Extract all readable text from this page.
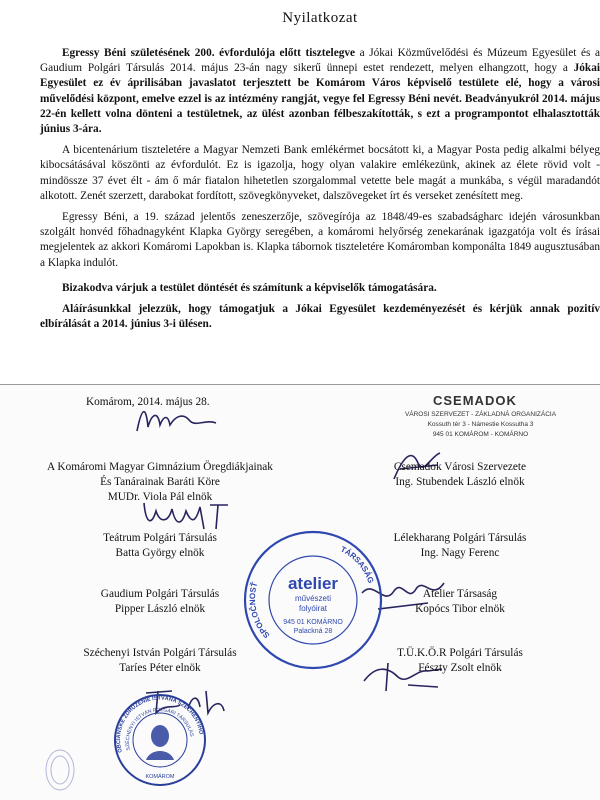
Nyilatkozat

Egressy Béni születésének 200. évfordulója előtt tisztelegve a Jókai Közművelődési és Múzeum Egyesület és a Gaudium Polgári Társulás 2014. május 23-án nagy sikerű ünnepi estet rendezett, melyen elhangzott, hogy a Jókai Egyesület ez év áprilisában javaslatot terjesztett be Komárom Város képviselő testülete elé, hogy a városi művelődési központ, emelve ezzel is az intézmény rangját, vegye fel Egressy Béni nevét. Beadványukról 2014. május 22-én kellett volna dönteni a testületnek, az ülést azonban félbeszakították, s ezt a programpontot elhalasztották június 3-ára.

A bicentenárium tiszteletére a Magyar Nemzeti Bank emlékérmet bocsátott ki, a Magyar Posta pedig alkalmi bélyeg kibocsátásával köszönti az évfordulót. Ez is igazolja, hogy olyan valakire emlékezünk, akinek az élete rövid volt - mindössze 37 évet élt - ám ő már fiatalon hihetetlen szorgalommal vetette bele magát a munkába, s végül maradandót alkotott. Zenét szerzett, darabokat fordított, szövegkönyveket, dalszövegeket írt és verseket zenésített meg.

Egressy Béni, a 19. század jelentős zeneszerzője, szövegírója az 1848/49-es szabadságharc idején városunkban szolgált honvéd főhadnagyként Klapka György seregében, a komáromi helyőrség zenekarának igazgatója volt és írásai megjelentek az akkori Komáromi Lapokban is. Klapka tábornok tiszteletére Komáromban komponálta 1849 augusztusában a Klapka indulót.

Bizakodva várjuk a testület döntését és számítunk a képviselők támogatására.

Aláírásunkkal jelezzük, hogy támogatjuk a Jókai Egyesület kezdeményezését és kérjük annak pozitív elbírálását a 2014. június 3-i ülésen.

Komárom, 2014. május 28.	CSEMADOK
VÁROSI SZERVEZET - ZÁKLADNÁ ORGANIZÁCIA
Kossuth tér 3 - Námestie Kossutha 3
945 01 KOMÁROM - KOMÁRNO
A Komáromi Magyar Gimnázium Öregdiákjainak
És Tanárainak Baráti Köre
MUDr. Viola Pál elnök
Teátrum Polgári Társulás
Batta György elnök
Gaudium Polgári Társulás
Pipper László elnök
Széchenyi István Polgári Társulás
Taríes Péter elnök
Csemadok Városi Szervezete
Ing. Stubendek László elnök
Lélekharang Polgári Társulás
Ing. Nagy Ferenc
Atelier Társaság
Kopócs Tibor elnök
T.Ü.K.Ö.R Polgári Társulás
Fészty Zsolt elnök
SPOLOČNOSŤ
TÁRSASÁG
atelier
művészeti
folyóirat
945 01 KOMÁRNO
Palackná 28
OBČIANSKE ZDRUŽENIE ISTVÁNA SZÉCHENYIHO
SZÉCHENYI ISTVÁN POLGÁRI TÁRSULÁS
KOMÁROM
